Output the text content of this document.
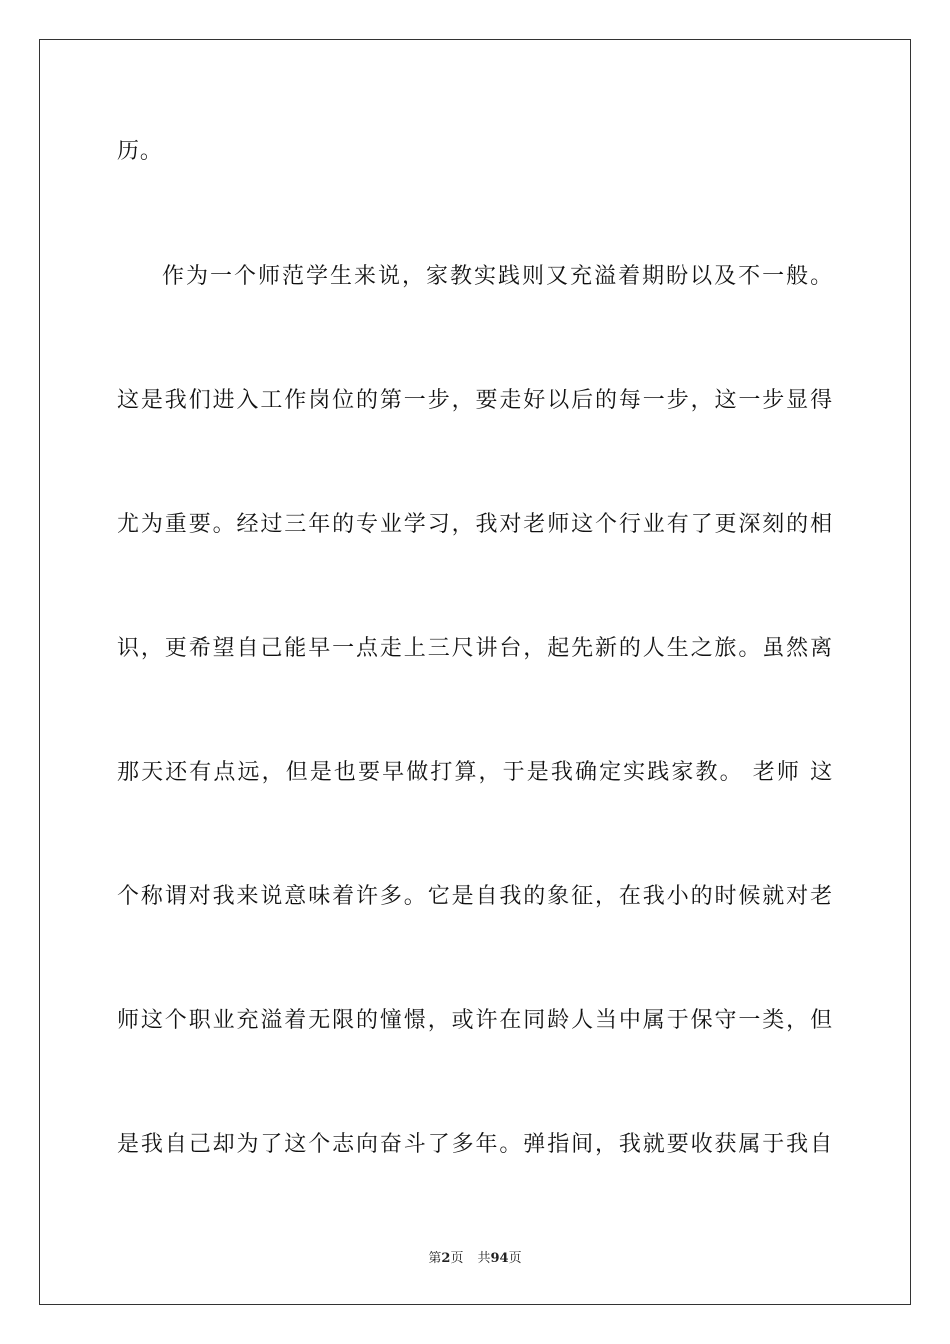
历。
作为一个师范学生来说，家教实践则又充溢着期盼以及不一般。
这是我们进入工作岗位的第一步，要走好以后的每一步，这一步显得
尤为重要。经过三年的专业学习，我对老师这个行业有了更深刻的相
识，更希望自己能早一点走上三尺讲台，起先新的人生之旅。虽然离
那天还有点远，但是也要早做打算，于是我确定实践家教。 老师 这
个称谓对我来说意味着许多。它是自我的象征，在我小的时候就对老
师这个职业充溢着无限的憧憬，或许在同龄人当中属于保守一类，但
是我自己却为了这个志向奋斗了多年。弹指间，我就要收获属于我自
第2页 共94页
